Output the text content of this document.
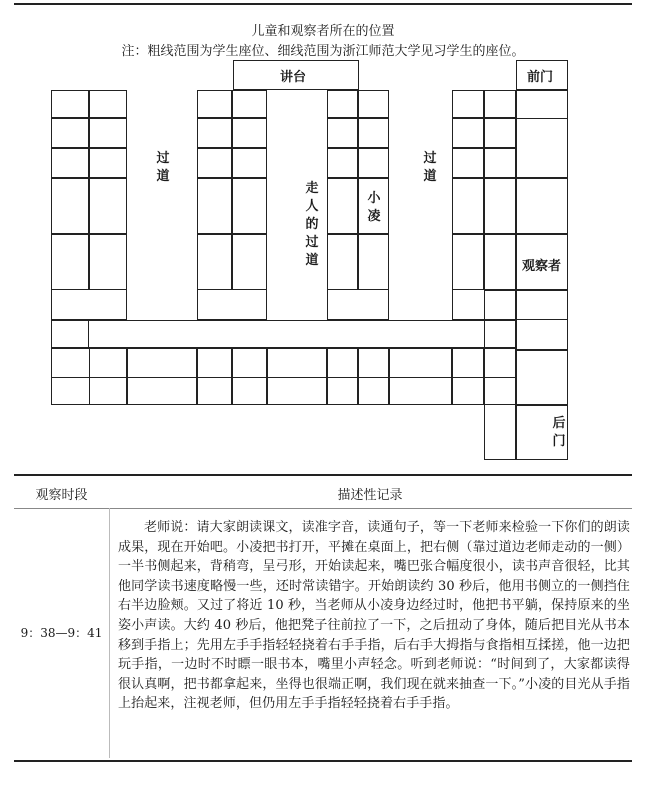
儿童和观察者所在的位置
注：粗线范围为学生座位、细线范围为浙江师范大学见习学生的座位。
讲台	前门
观察者
过道
走人的过道
小凌
过道
后门
观察时段	描述性记录
9：38—9：41
老师说：请大家朗读课文，读准字音，读通句子，等一下老师来检验一下你们的朗读成果，现在开始吧。小凌把书打开，平摊在桌面上，把右侧（靠过道边老师走动的一侧）一半书侧起来，背稍弯，呈弓形，开始读起来，嘴巴张合幅度很小，读书声音很轻，比其他同学读书速度略慢一些，还时常读错字。开始朗读约 30 秒后，他用书侧立的一侧挡住右半边脸颊。又过了将近 10 秒，当老师从小凌身边经过时，他把书平躺，保持原来的坐姿小声读。大约 40 秒后，他把凳子往前拉了一下，之后扭动了身体，随后把目光从书本移到手指上；先用左手手指轻轻挠着右手手指，后右手大拇指与食指相互揉搓，他一边把玩手指，一边时不时瞟一眼书本，嘴里小声轻念。听到老师说：“时间到了，大家都读得很认真啊，把书都拿起来，坐得也很端正啊，我们现在就来抽查一下。”小凌的目光从手指上抬起来，注视老师，但仍用左手手指轻轻挠着右手手指。
